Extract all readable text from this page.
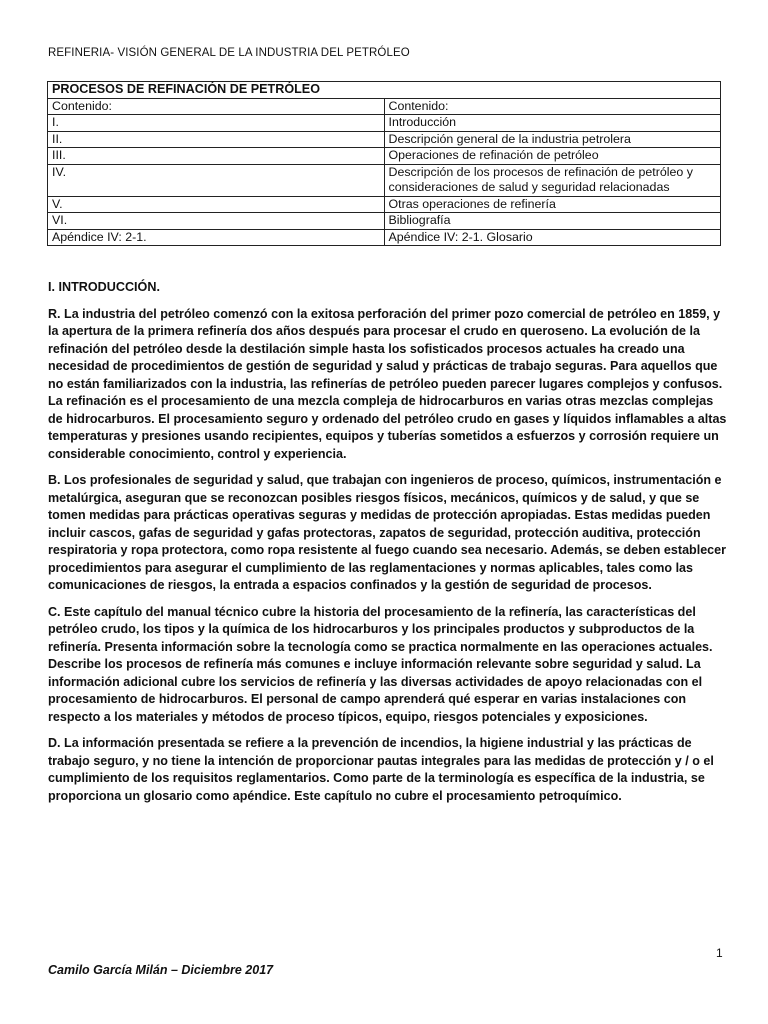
REFINERIA- VISIÓN GENERAL DE LA INDUSTRIA DEL PETRÓLEO
PROCESOS DE REFINACIÓN DE PETRÓLEO	
Contenido:	Contenido:
I.	Introducción
II.	Descripción general de la industria petrolera
III.	Operaciones de refinación de petróleo
IV.	Descripción de los procesos de refinación de petróleo y consideraciones de salud y seguridad relacionadas
V.	Otras operaciones de refinería
VI.	Bibliografía
Apéndice IV: 2-1.	Apéndice IV: 2-1. Glosario
I. INTRODUCCIÓN.

R. La industria del petróleo comenzó con la exitosa perforación del primer pozo comercial de petróleo en 1859, y la apertura de la primera refinería dos años después para procesar el crudo en queroseno. La evolución de la refinación del petróleo desde la destilación simple hasta los sofisticados procesos actuales ha creado una necesidad de procedimientos de gestión de seguridad y salud y prácticas de trabajo seguras. Para aquellos que no están familiarizados con la industria, las refinerías de petróleo pueden parecer lugares complejos y confusos. La refinación es el procesamiento de una mezcla compleja de hidrocarburos en varias otras mezclas complejas de hidrocarburos. El procesamiento seguro y ordenado del petróleo crudo en gases y líquidos inflamables a altas temperaturas y presiones usando recipientes, equipos y tuberías sometidos a esfuerzos y corrosión requiere un considerable conocimiento, control y experiencia.

B. Los profesionales de seguridad y salud, que trabajan con ingenieros de proceso, químicos, instrumentación e metalúrgica, aseguran que se reconozcan posibles riesgos físicos, mecánicos, químicos y de salud, y que se tomen medidas para prácticas operativas seguras y medidas de protección apropiadas. Estas medidas pueden incluir cascos, gafas de seguridad y gafas protectoras, zapatos de seguridad, protección auditiva, protección respiratoria y ropa protectora, como ropa resistente al fuego cuando sea necesario. Además, se deben establecer procedimientos para asegurar el cumplimiento de las reglamentaciones y normas aplicables, tales como las comunicaciones de riesgos, la entrada a espacios confinados y la gestión de seguridad de procesos.

C. Este capítulo del manual técnico cubre la historia del procesamiento de la refinería, las características del petróleo crudo, los tipos y la química de los hidrocarburos y los principales productos y subproductos de la refinería. Presenta información sobre la tecnología como se practica normalmente en las operaciones actuales. Describe los procesos de refinería más comunes e incluye información relevante sobre seguridad y salud. La información adicional cubre los servicios de refinería y las diversas actividades de apoyo relacionadas con el procesamiento de hidrocarburos. El personal de campo aprenderá qué esperar en varias instalaciones con respecto a los materiales y métodos de proceso típicos, equipo, riesgos potenciales y exposiciones.

D. La información presentada se refiere a la prevención de incendios, la higiene industrial y las prácticas de trabajo seguro, y no tiene la intención de proporcionar pautas integrales para las medidas de protección y / o el cumplimiento de los requisitos reglamentarios. Como parte de la terminología es específica de la industria, se proporciona un glosario como apéndice. Este capítulo no cubre el procesamiento petroquímico.

1
Camilo García Milán – Diciembre 2017
